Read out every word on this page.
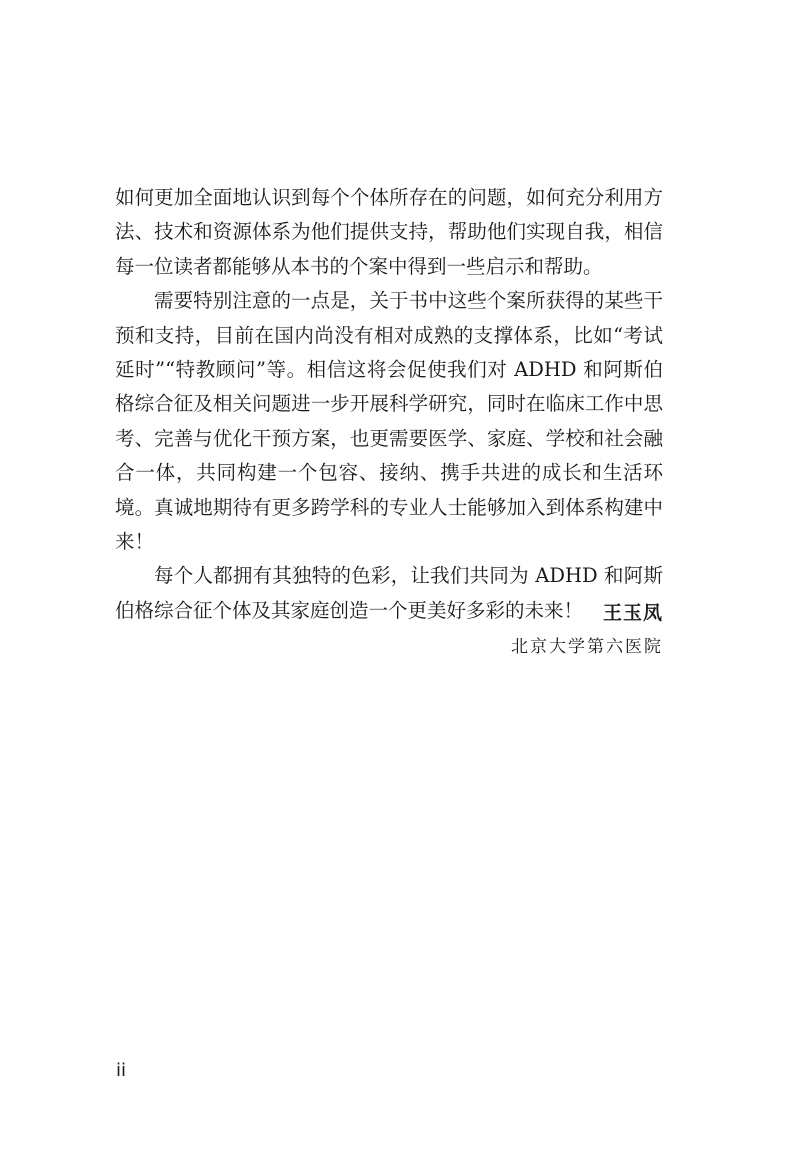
如何更加全面地认识到每个个体所存在的问题，如何充分利用方法、技术和资源体系为他们提供支持，帮助他们实现自我，相信每一位读者都能够从本书的个案中得到一些启示和帮助。

需要特别注意的一点是，关于书中这些个案所获得的某些干预和支持，目前在国内尚没有相对成熟的支撑体系，比如“考试延时”“特教顾问”等。相信这将会促使我们对 ADHD 和阿斯伯格综合征及相关问题进一步开展科学研究，同时在临床工作中思考、完善与优化干预方案，也更需要医学、家庭、学校和社会融合一体，共同构建一个包容、接纳、携手共进的成长和生活环境。真诚地期待有更多跨学科的专业人士能够加入到体系构建中来！

每个人都拥有其独特的色彩，让我们共同为 ADHD 和阿斯伯格综合征个体及其家庭创造一个更美好多彩的未来！	王玉凤
北京大学第六医院
ii
